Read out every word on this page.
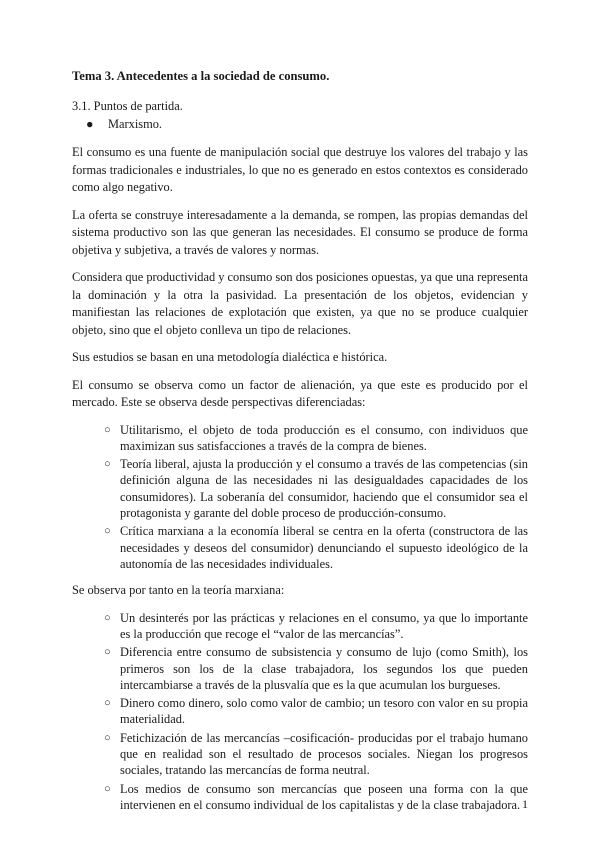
Tema 3. Antecedentes a la sociedad de consumo.
3.1. Puntos de partida.
● Marxismo.

El consumo es una fuente de manipulación social que destruye los valores del trabajo y las formas tradicionales e industriales, lo que no es generado en estos contextos es considerado como algo negativo.

La oferta se construye interesadamente a la demanda, se rompen, las propias demandas del sistema productivo son las que generan las necesidades. El consumo se produce de forma objetiva y subjetiva, a través de valores y normas.

Considera que productividad y consumo son dos posiciones opuestas, ya que una representa la dominación y la otra la pasividad. La presentación de los objetos, evidencian y manifiestan las relaciones de explotación que existen, ya que no se produce cualquier objeto, sino que el objeto conlleva un tipo de relaciones.

Sus estudios se basan en una metodología dialéctica e histórica.

El consumo se observa como un factor de alienación, ya que este es producido por el mercado. Este se observa desde perspectivas diferenciadas:

○ Utilitarismo, el objeto de toda producción es el consumo, con individuos que maximizan sus satisfacciones a través de la compra de bienes.
○ Teoría liberal, ajusta la producción y el consumo a través de las competencias (sin definición alguna de las necesidades ni las desigualdades capacidades de los consumidores). La soberanía del consumidor, haciendo que el consumidor sea el protagonista y garante del doble proceso de producción-consumo.
○ Crítica marxiana a la economía liberal se centra en la oferta (constructora de las necesidades y deseos del consumidor) denunciando el supuesto ideológico de la autonomía de las necesidades individuales.

Se observa por tanto en la teoría marxiana:

○ Un desinterés por las prácticas y relaciones en el consumo, ya que lo importante es la producción que recoge el “valor de las mercancías”.
○ Diferencia entre consumo de subsistencia y consumo de lujo (como Smith), los primeros son los de la clase trabajadora, los segundos los que pueden intercambiarse a través de la plusvalía que es la que acumulan los burgueses.
○ Dinero como dinero, solo como valor de cambio; un tesoro con valor en su propia materialidad.
○ Fetichización de las mercancías –cosificación- producidas por el trabajo humano que en realidad son el resultado de procesos sociales. Niegan los progresos sociales, tratando las mercancías de forma neutral.
○ Los medios de consumo son mercancías que poseen una forma con la que intervienen en el consumo individual de los capitalistas y de la clase trabajadora. 1
